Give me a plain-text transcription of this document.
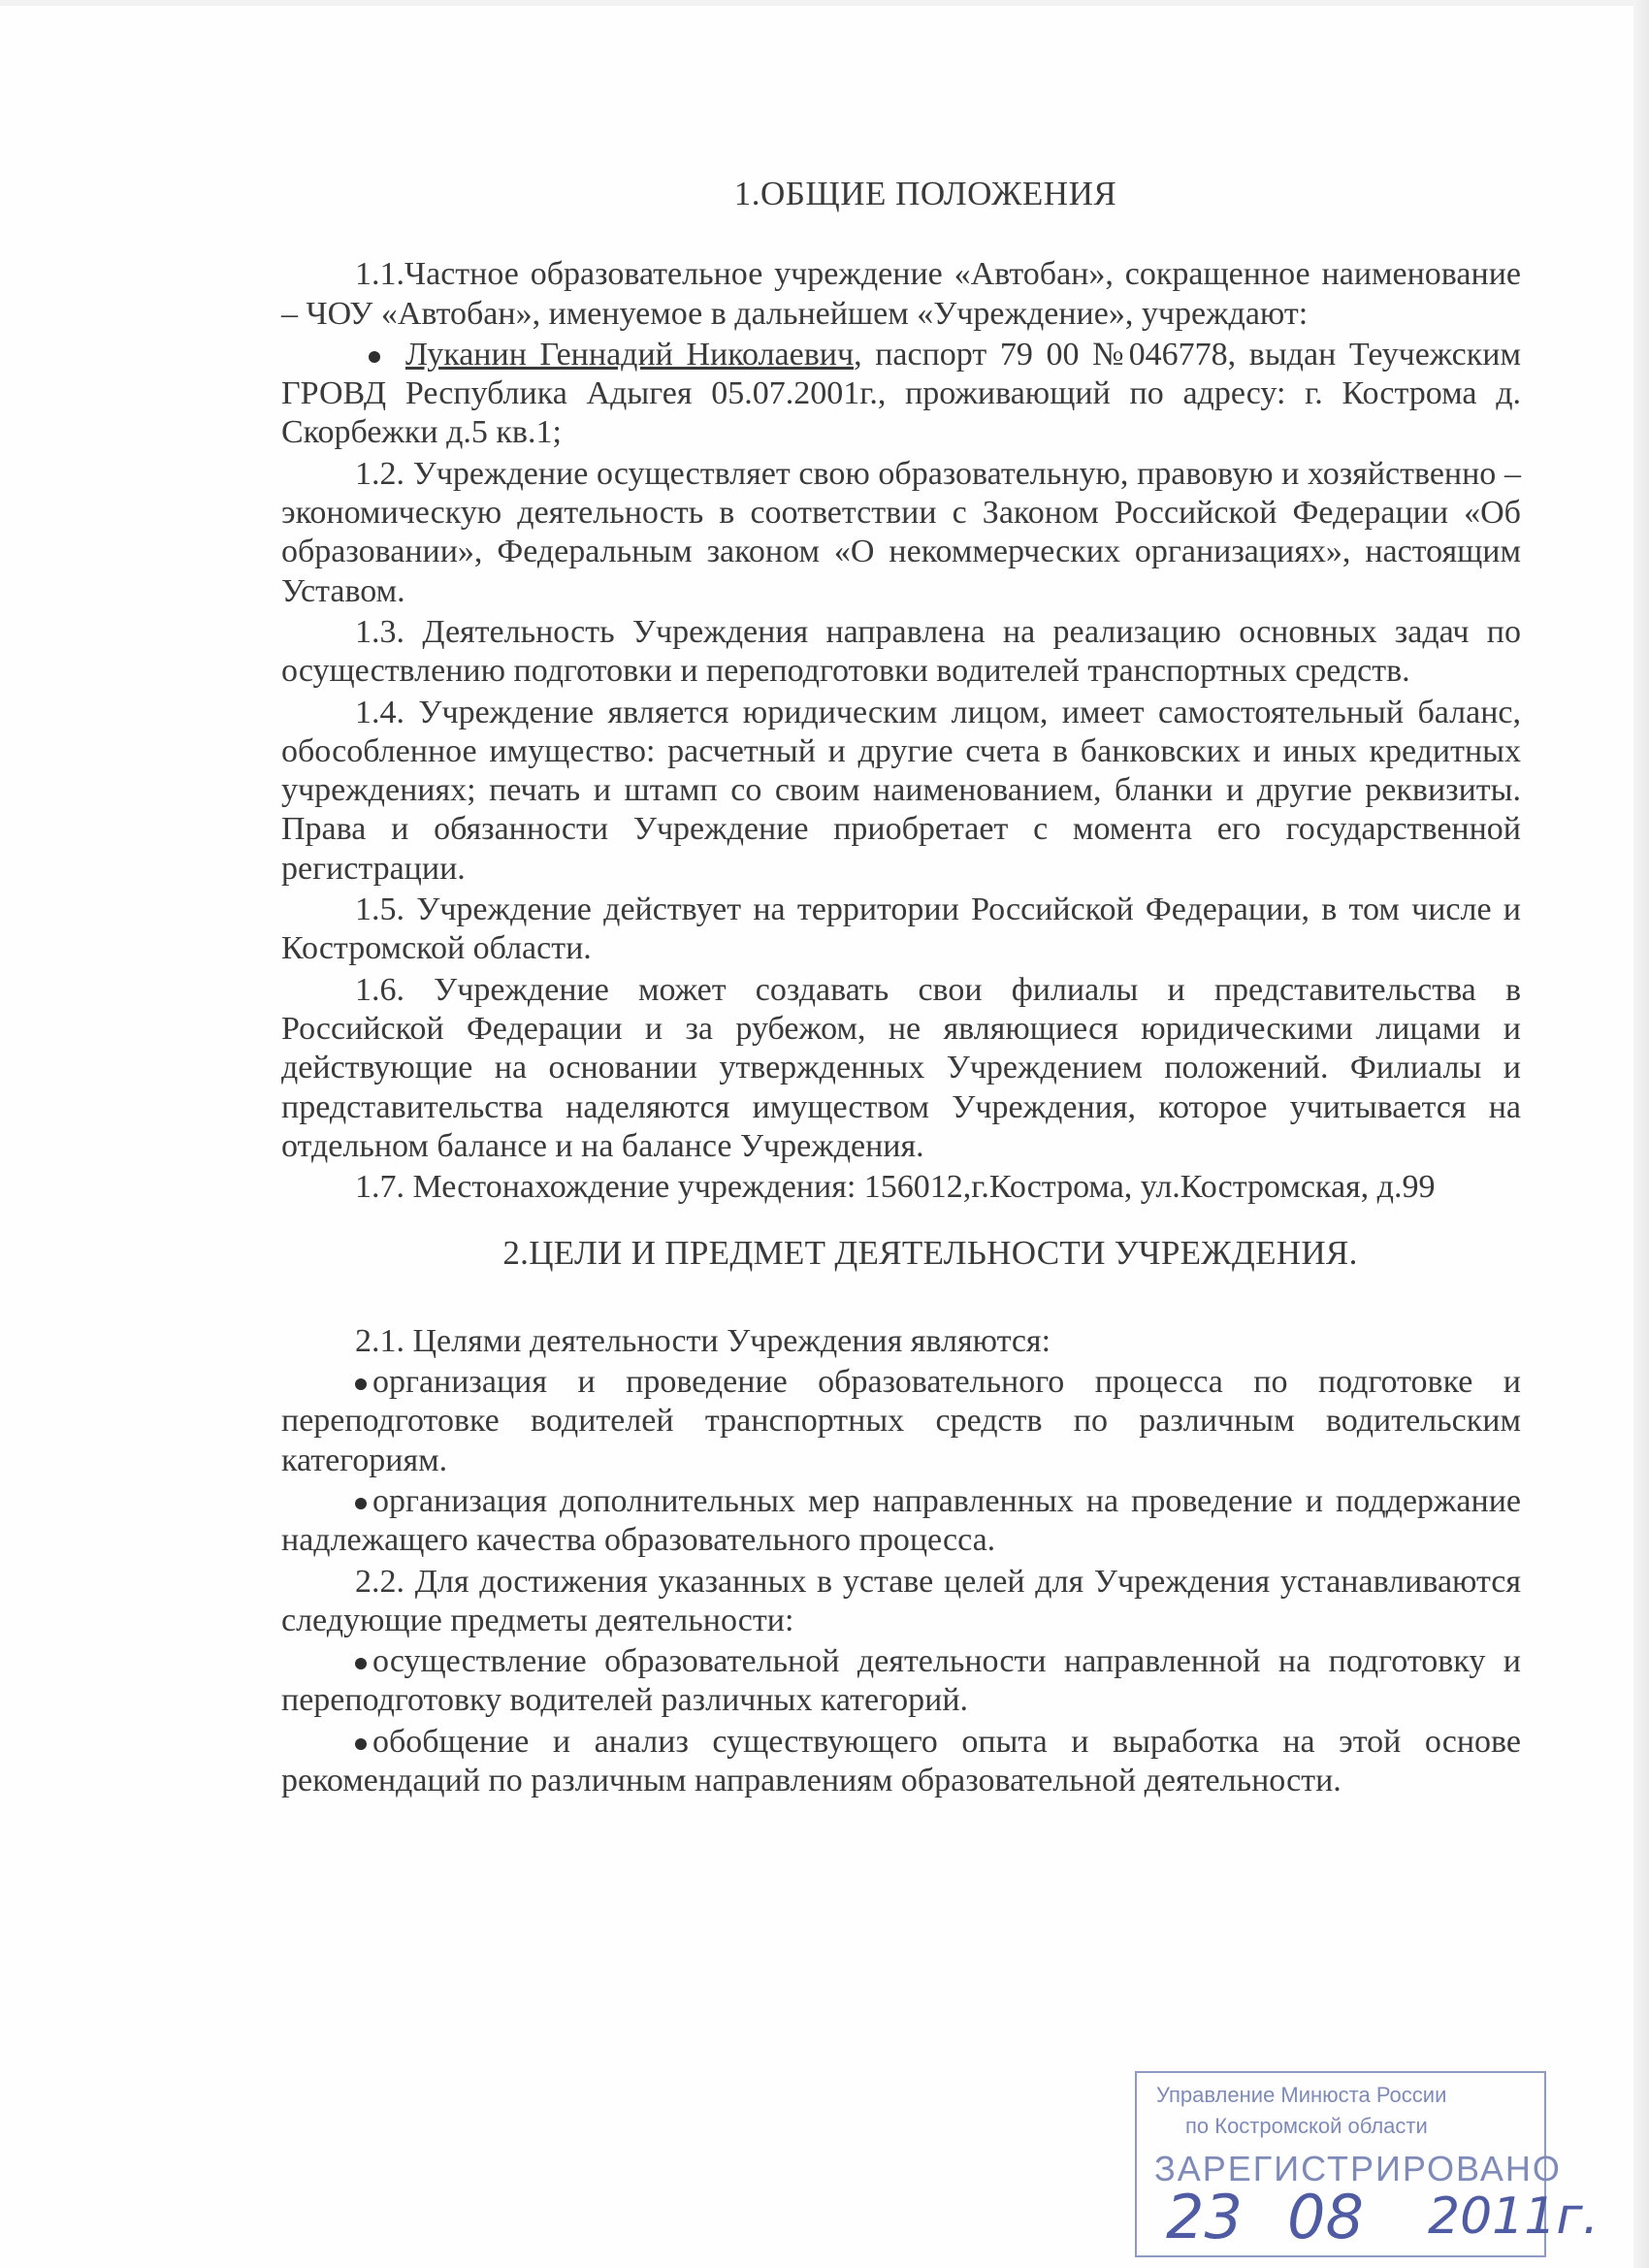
1.ОБЩИЕ ПОЛОЖЕНИЯ

1.1.Частное образовательное учреждение «Автобан», сокращенное наименование – ЧОУ «Автобан», именуемое в дальнейшем «Учреждение», учреждают:

Луканин Геннадий Николаевич, паспорт 79 00 №046778, выдан Теучежским ГРОВД Республика Адыгея 05.07.2001г., проживающий по адресу: г. Кострома д. Скорбежки д.5 кв.1;

1.2. Учреждение осуществляет свою образовательную, правовую и хозяйственно – экономическую деятельность в соответствии с Законом Российской Федерации «Об образовании», Федеральным законом «О некоммерческих организациях», настоящим Уставом.

1.3. Деятельность Учреждения направлена на реализацию основных задач по осуществлению подготовки и переподготовки водителей транспортных средств.

1.4. Учреждение является юридическим лицом, имеет самостоятельный баланс, обособленное имущество: расчетный и другие счета в банковских и иных кредитных учреждениях; печать и штамп со своим наименованием, бланки и другие реквизиты. Права и обязанности Учреждение приобретает с момента его государственной регистрации.

1.5. Учреждение действует на территории Российской Федерации, в том числе и Костромской области.

1.6. Учреждение может создавать свои филиалы и представительства в Российской Федерации и за рубежом, не являющиеся юридическими лицами и действующие на основании утвержденных Учреждением положений. Филиалы и представительства наделяются имуществом Учреждения, которое учитывается на отдельном балансе и на балансе Учреждения.

1.7. Местонахождение учреждения: 156012,г.Кострома, ул.Костромская, д.99

2.ЦЕЛИ И ПРЕДМЕТ ДЕЯТЕЛЬНОСТИ УЧРЕЖДЕНИЯ.

2.1. Целями деятельности Учреждения являются:

организация и проведение образовательного процесса по подготовке и переподготовке водителей транспортных средств по различным водительским категориям.

организация дополнительных мер направленных на проведение и поддержание надлежащего качества образовательного процесса.

2.2. Для достижения указанных в уставе целей для Учреждения устанавливаются следующие предметы деятельности:

осуществление образовательной деятельности направленной на подготовку и переподготовку водителей различных категорий.

обобщение и анализ существующего опыта и выработка на этой основе рекомендаций по различным направлениям образовательной деятельности.

Управление Минюста России
по Костромской области
ЗАРЕГИСТРИРОВАНО
23 08 2011г.
